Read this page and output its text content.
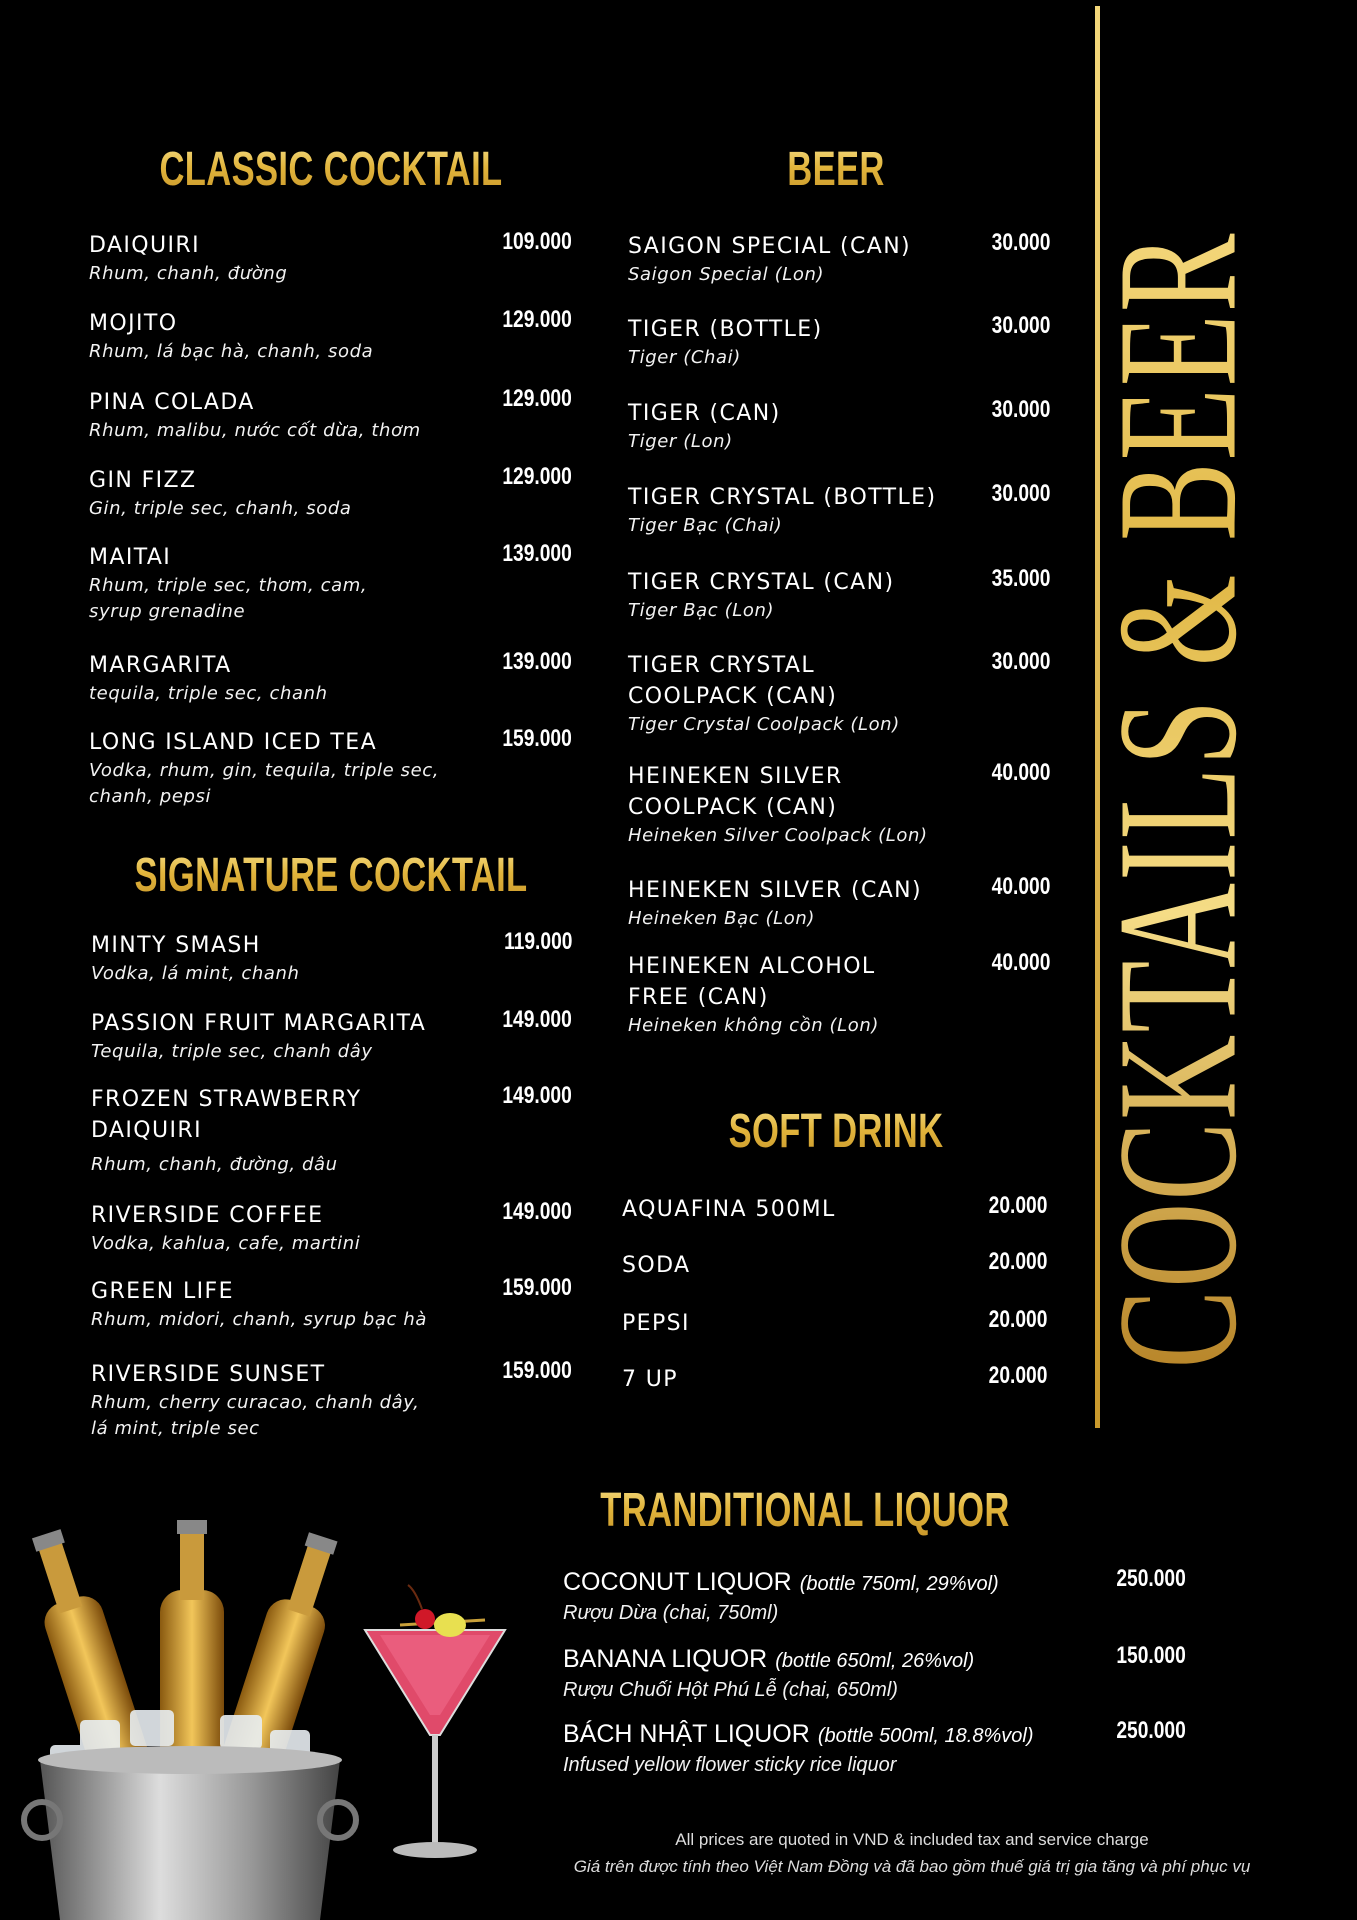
COCKTAILS & BEER
CLASSIC COCKTAIL
SIGNATURE COCKTAIL
BEER
SOFT DRINK
TRANDITIONAL LIQUOR
DAIQUIRI
Rhum, chanh, đường
109.000
MOJITO
Rhum, lá bạc hà, chanh, soda
129.000
PINA COLADA
Rhum, malibu, nước cốt dừa, thơm
129.000
GIN FIZZ
Gin, triple sec, chanh, soda
129.000
MAITAI
Rhum, triple sec, thơm, cam,
syrup grenadine
139.000
MARGARITA
tequila, triple sec, chanh
139.000
LONG ISLAND ICED TEA
Vodka, rhum, gin, tequila, triple sec,
chanh, pepsi
159.000
MINTY SMASH
Vodka, lá mint, chanh
119.000
PASSION FRUIT MARGARITA
Tequila, triple sec, chanh dây
149.000
FROZEN STRAWBERRY
DAIQUIRI
Rhum, chanh, đường, dâu
149.000
RIVERSIDE COFFEE
Vodka, kahlua, cafe, martini
149.000
GREEN LIFE
Rhum, midori, chanh, syrup bạc hà
159.000
RIVERSIDE SUNSET
Rhum, cherry curacao, chanh dây,
lá mint, triple sec
159.000
SAIGON SPECIAL (CAN)
Saigon Special (Lon)
30.000
TIGER (BOTTLE)
Tiger (Chai)
30.000
TIGER (CAN)
Tiger (Lon)
30.000
TIGER CRYSTAL (BOTTLE)
Tiger Bạc (Chai)
30.000
TIGER CRYSTAL (CAN)
Tiger Bạc (Lon)
35.000
TIGER CRYSTAL
COOLPACK (CAN)
Tiger Crystal Coolpack (Lon)
30.000
HEINEKEN SILVER
COOLPACK (CAN)
Heineken Silver Coolpack (Lon)
40.000
HEINEKEN SILVER (CAN)
Heineken Bạc (Lon)
40.000
HEINEKEN ALCOHOL
FREE (CAN)
Heineken không cồn (Lon)
40.000
AQUAFINA 500ML	20.000
SODA	20.000
PEPSI	20.000
7 UP	20.000
COCONUT LIQUOR (bottle 750ml, 29%vol)
Rượu Dừa (chai, 750ml)
250.000
BANANA LIQUOR (bottle 650ml, 26%vol)
Rượu Chuối Hột Phú Lễ (chai, 650ml)
150.000
BÁCH NHẬT LIQUOR (bottle 500ml, 18.8%vol)
Infused yellow flower sticky rice liquor
250.000
All prices are quoted in VND & included tax and service charge
Giá trên được tính theo Việt Nam Đồng và đã bao gồm thuế giá trị gia tăng và phí phục vụ
